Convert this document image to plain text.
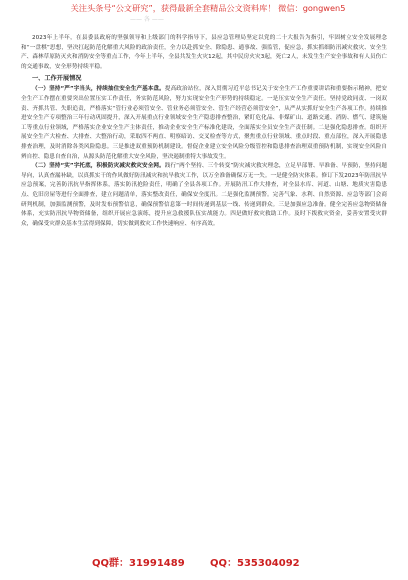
关注头条号“公文研究”，获得最新全套精品公文资料库！ 微信：gongwen5
—— 各 ——

2023年上半年，在县委县政府的坚强领导和上级部门的科学指导下，县应急管理局坚定以党的二十大报告为指引，牢固树立安全发展理念和“一盘棋”思想，坚决扛起防范化解重大风险的政治责任，全力以赴抓安全、除隐患、通事故、强监管，促应急，抓实抓细防汛减灾救灾、安全生产、森林草原防灭火和消防安全等重点工作，今年上半年，全县共发生火灾12起，其中民房火灾3起，死亡2人，未发生生产安全事故和有人员伤亡的交通事故，安全形势持续平稳。

一、工作开展情况

（一）坚持“严”字当头，持续抽住安全生产基本盘。提高政治站位，深入贯彻习近平总书记关于安全生产工作重要讲话和重要指示精神，把安全生产工作摆在重要突出位置压实工作责任，务实防范风险，努力实现安全生产形势的持续稳定。一是压实安全生产责任。坚持党政同责、一岗双责、齐抓共管、失职追责，严格落实“管行业必须管安全、管业务必须管安全、管生产经营必须管安全”，从严从实抓好安全生产各项工作。持续推进安全生产专项整治三年行动巩固提升，深入开展重点行业领域安全生产隐患排查整治，紧盯危化品、非煤矿山、道路交通、消防、燃气、建筑施工等重点行业领域，严格落实企业安全生产主体责任，推动企业安全生产标准化建设，全面落实全员安全生产责任制。二是强化隐患排查。组织开展安全生产大检查、大排查、大整治行动，采取四不两直、明察暗访、交叉检查等方式，聚焦重点行业领域、重点时段、重点部位，深入开展隐患排查治理，及时消除各类风险隐患。三是推进双重预防机制建设。督促企业建立安全风险分级管控和隐患排查治理双重预防机制，实现安全风险自辨自控、隐患自查自治，从源头防范化解重大安全风险，坚决遏制重特大事故发生。

（二）坚持“实”字托底，积极防灾减灾救灾安全网。践行“两个坚持、三个转变”防灾减灾救灾理念，立足早部署、早准备、早预防，坚持问题导向，认真查漏补缺，以真抓实干的作风做好防汛减灾和抗旱救灾工作，以万全准备确保万无一失。一是健全防灾体系。修订下发2023年防汛抗旱应急预案，完善防汛抗旱指挥体系，落实防汛抢险责任，明确了全县各项工作。开展防汛工作大排查，对全县水库、河道、山塘、地质灾害隐患点、危旧房屋等进行全面排查，建立问题清单，落实整改责任，确保安全度汛。二是强化监测预警。完善气象、水利、自然资源、应急等部门会商研判机制，加强监测预警，及时发布预警信息，确保预警信息第一时间传递到基层一线、传递到群众。三是加强应急准备。健全完善应急物资储备体系，充实防汛抗旱物资储备，组织开展应急演练，提升应急救援队伍实战能力。四是做好救灾救助工作。及时下拨救灾资金，妥善安置受灾群众，确保受灾群众基本生活得到保障，切实做到救灾工作快速响应、有序高效。

QQ群：31991489	QQ：535304092
